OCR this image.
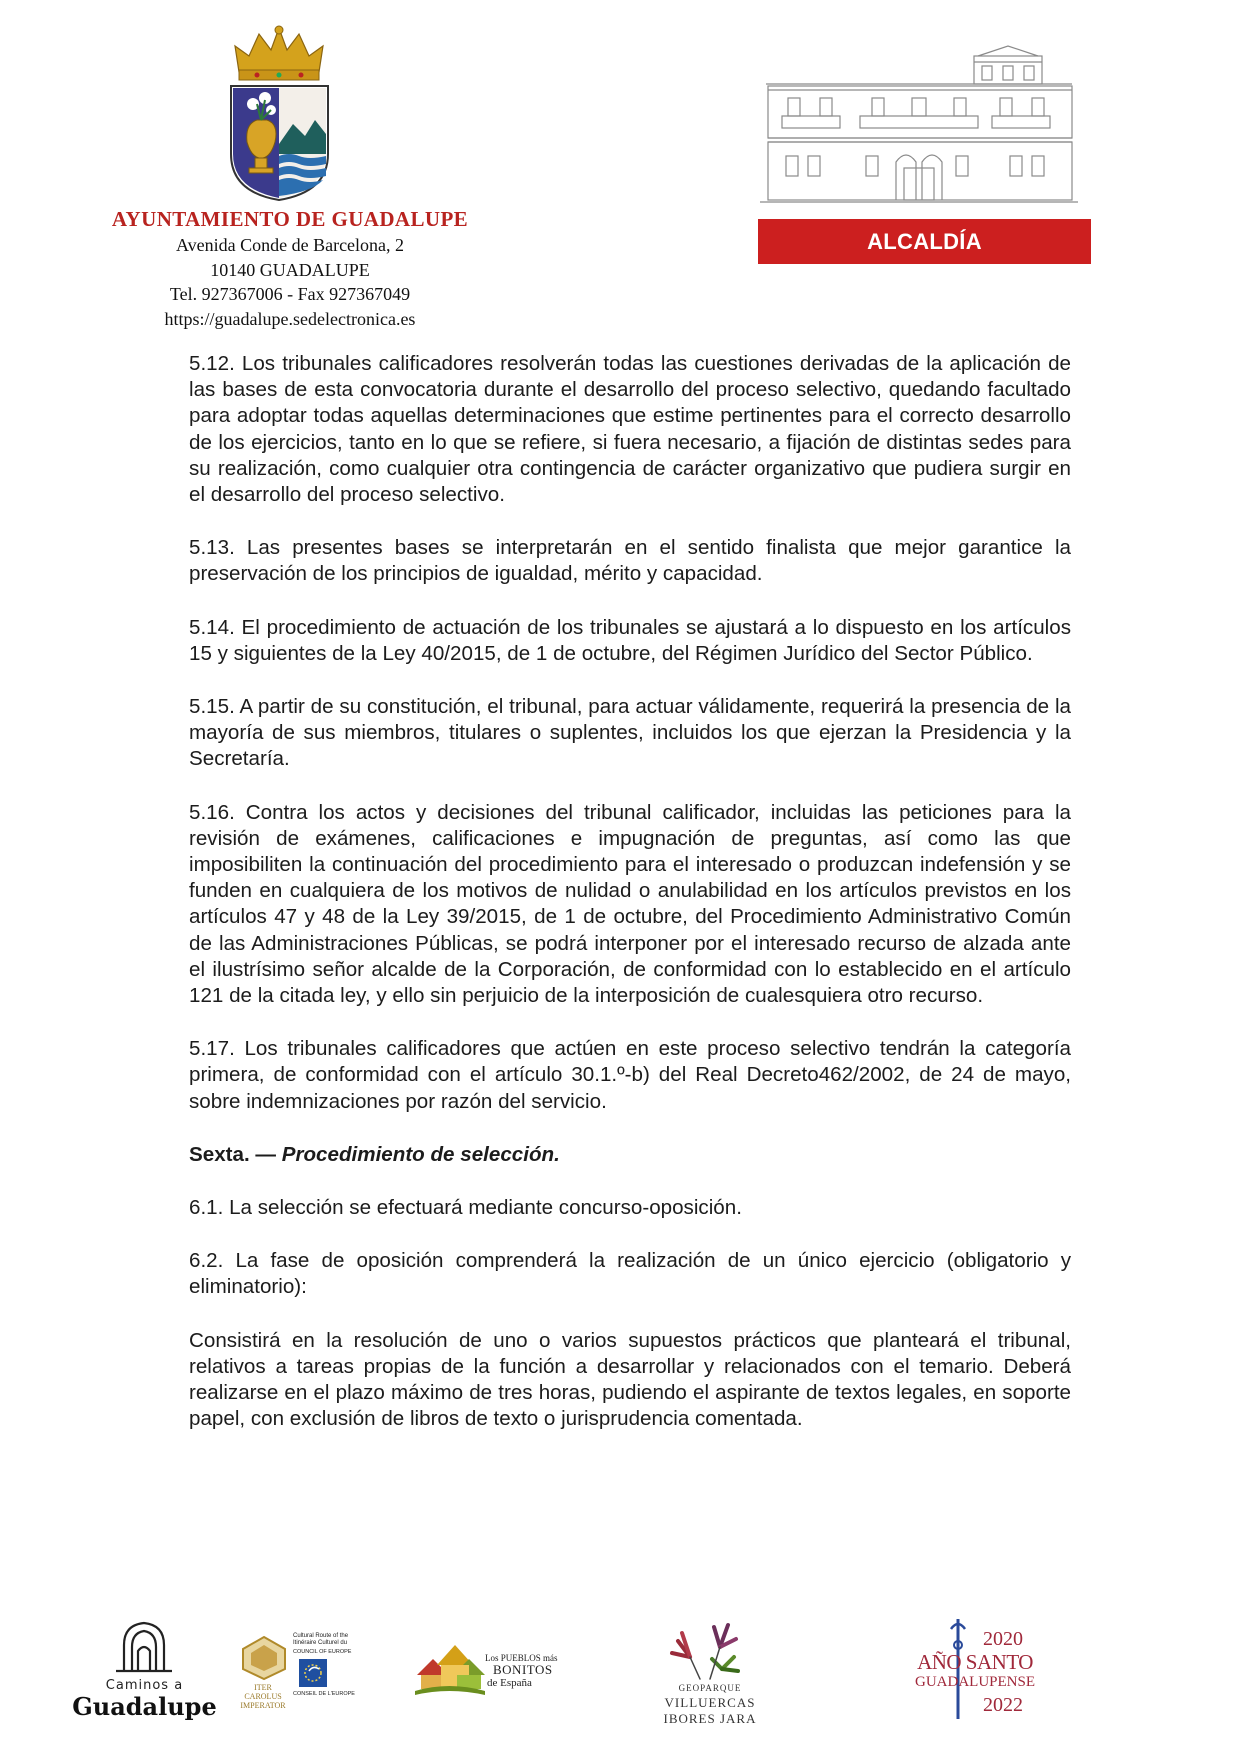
AYUNTAMIENTO DE GUADALUPE
Avenida Conde de Barcelona, 2
10140 GUADALUPE
Tel. 927367006 - Fax 927367049
https://guadalupe.sedelectronica.es
ALCALDÍA

5.12. Los tribunales calificadores resolverán todas las cuestiones derivadas de la aplicación de las bases de esta convocatoria durante el desarrollo del proceso selectivo, quedando facultado para adoptar todas aquellas determinaciones que estime pertinentes para el correcto desarrollo de los ejercicios, tanto en lo que se refiere, si fuera necesario, a fijación de distintas sedes para su realización, como cualquier otra contingencia de carácter organizativo que pudiera surgir en el desarrollo del proceso selectivo.

5.13. Las presentes bases se interpretarán en el sentido finalista que mejor garantice la preservación de los principios de igualdad, mérito y capacidad.

5.14. El procedimiento de actuación de los tribunales se ajustará a lo dispuesto en los artículos 15 y siguientes de la Ley 40/2015, de 1 de octubre, del Régimen Jurídico del Sector Público.

5.15. A partir de su constitución, el tribunal, para actuar válidamente, requerirá la presencia de la mayoría de sus miembros, titulares o suplentes, incluidos los que ejerzan la Presidencia y la Secretaría.

5.16. Contra los actos y decisiones del tribunal calificador, incluidas las peticiones para la revisión de exámenes, calificaciones e impugnación de preguntas, así como las que imposibiliten la continuación del procedimiento para el interesado o produzcan indefensión y se funden en cualquiera de los motivos de nulidad o anulabilidad en los artículos previstos en los artículos 47 y 48 de la Ley 39/2015, de 1 de octubre, del Procedimiento Administrativo Común de las Administraciones Públicas, se podrá interponer por el interesado recurso de alzada ante el ilustrísimo señor alcalde de la Corporación, de conformidad con lo establecido en el artículo 121 de la citada ley, y ello sin perjuicio de la interposición de cualesquiera otro recurso.

5.17. Los tribunales calificadores que actúen en este proceso selectivo tendrán la categoría primera, de conformidad con el artículo 30.1.º-b) del Real Decreto462/2002, de 24 de mayo, sobre indemnizaciones por razón del servicio.

Sexta. — Procedimiento de selección.

6.1. La selección se efectuará mediante concurso-oposición.

6.2. La fase de oposición comprenderá la realización de un único ejercicio (obligatorio y eliminatorio):

Consistirá en la resolución de uno o varios supuestos prácticos que planteará el tribunal, relativos a tareas propias de la función a desarrollar y relacionados con el temario. Deberá realizarse en el plazo máximo de tres horas, pudiendo el aspirante de textos legales, en soporte papel, con exclusión de libros de texto o jurisprudencia comentada.

Caminos a
Guadalupe
ITER
CAROLUS
IMPERATOR
Cultural Route of the Itinéraire Culturel du
COUNCIL OF EUROPE
CONSEIL DE L'EUROPE
Los PUEBLOS más
BONITOS
de España	GEOPARQUE
VILLUERCAS
IBORES JARA
2020
AÑO SANTO
GUADALUPENSE
2022
